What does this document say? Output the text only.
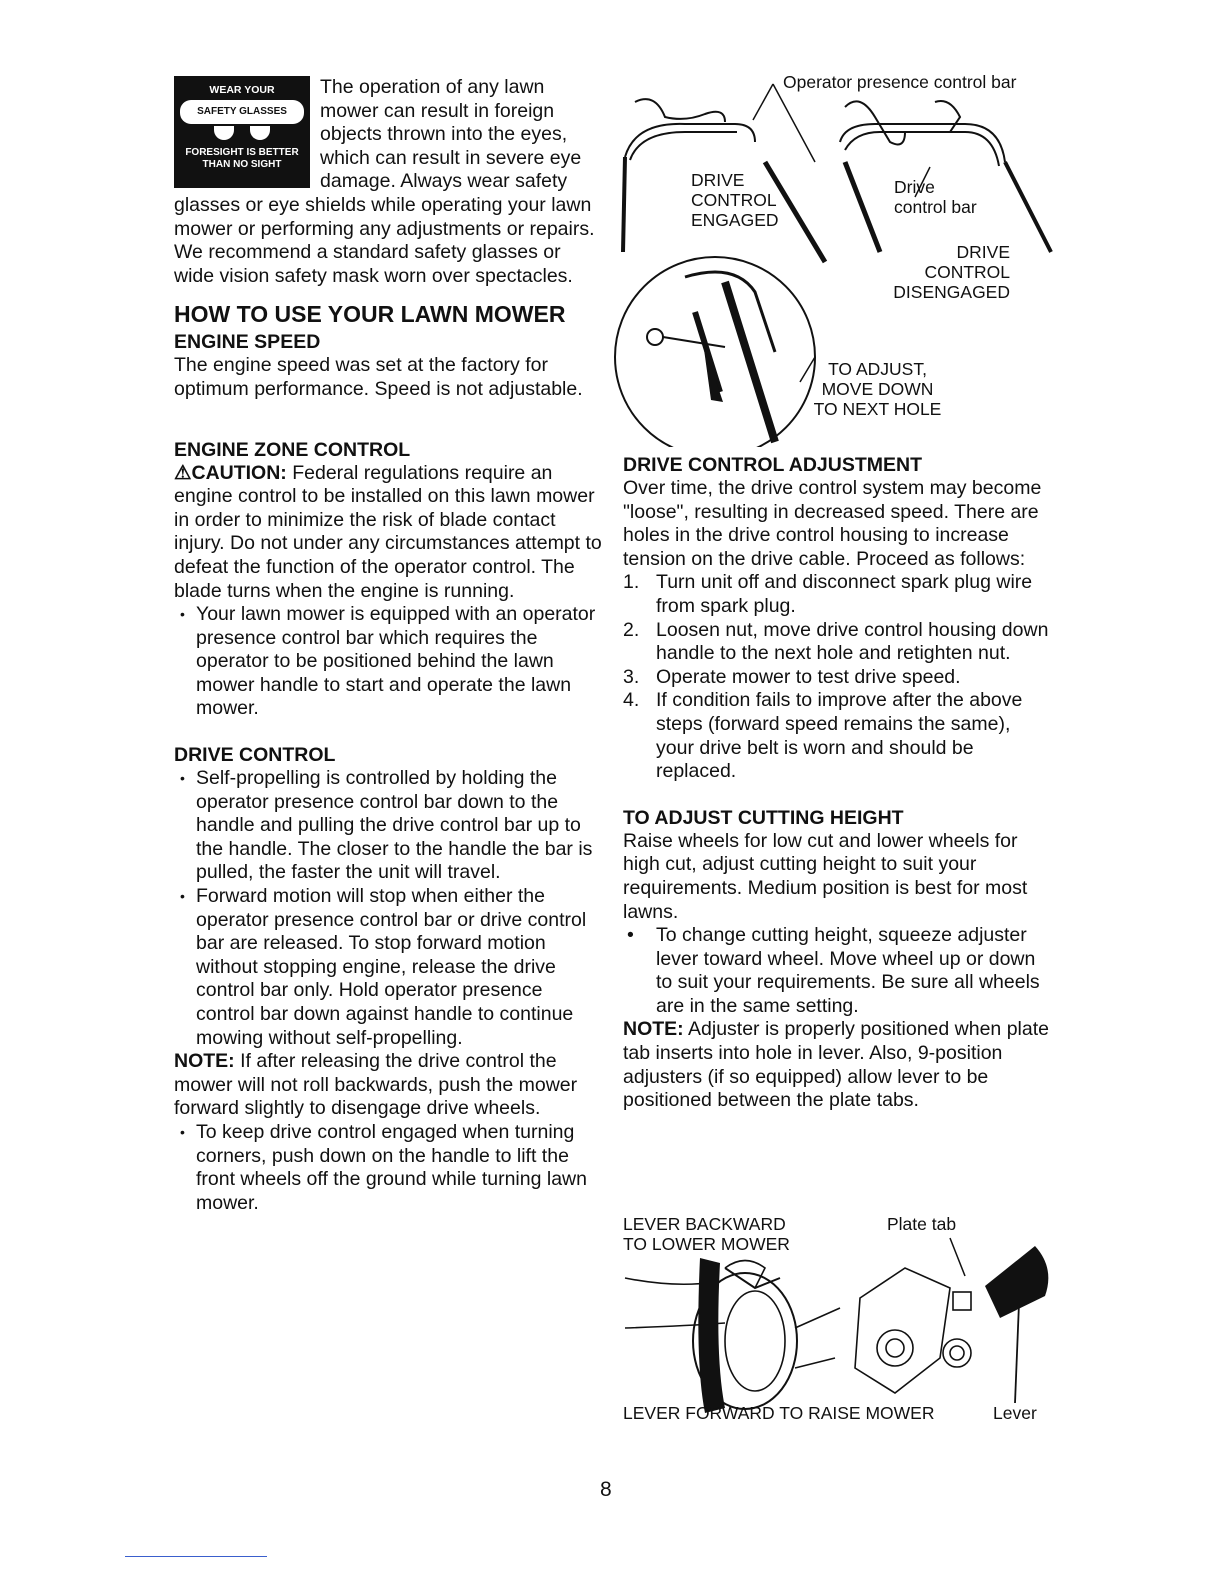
WEAR YOUR
SAFETY GLASSES
FORESIGHT IS BETTER
THAN NO SIGHT

The operation of any lawn mower can result in foreign objects thrown into the eyes, which can result in severe eye damage. Always wear safety glasses or eye shields while operating your lawn mower or performing any adjustments or repairs. We recommend a standard safety glasses or wide vision safety mask worn over spectacles.

HOW TO USE YOUR LAWN MOWER
ENGINE SPEED

The engine speed was set at the factory for optimum performance. Speed is not adjustable.

ENGINE ZONE CONTROL

⚠CAUTION: Federal regulations require an engine control to be installed on this lawn mower in order to minimize the risk of blade contact injury. Do not under any circumstances attempt to defeat the function of the operator control. The blade turns when the engine is running.

• Your lawn mower is equipped with an operator presence control bar which requires the operator to be positioned behind the lawn mower handle to start and operate the lawn mower.
DRIVE CONTROL
• Self-propelling is controlled by holding the operator presence control bar down to the handle and pulling the drive control bar up to the handle. The closer to the handle the bar is pulled, the faster the unit will travel.
• Forward motion will stop when either the operator presence control bar or drive control bar are released. To stop forward motion without stopping engine, release the drive control bar only. Hold operator presence control bar down against handle to continue mowing without self-propelling.

NOTE: If after releasing the drive control the mower will not roll backwards, push the mower forward slightly to disengage drive wheels.

• To keep drive control engaged when turning corners, push down on the handle to lift the front wheels off the ground while turning lawn mower.
Operator presence control bar
DRIVE
CONTROL
ENGAGED
Drive
control bar
DRIVE
CONTROL
DISENGAGED
TO ADJUST,
MOVE DOWN
TO NEXT HOLE
DRIVE CONTROL ADJUSTMENT

Over time, the drive control system may become "loose", resulting in decreased speed. There are holes in the drive control housing to increase tension on the drive cable. Proceed as follows:

1. Turn unit off and disconnect spark plug wire from spark plug.
2. Loosen nut, move drive control housing down handle to the next hole and retighten nut.
3. Operate mower to test drive speed.
4. If condition fails to improve after the above steps (forward speed remains the same), your drive belt is worn and should be replaced.
TO ADJUST CUTTING HEIGHT

Raise wheels for low cut and lower wheels for high cut, adjust cutting height to suit your requirements. Medium position is best for most lawns.

• To change cutting height, squeeze adjuster lever toward wheel. Move wheel up or down to suit your requirements. Be sure all wheels are in the same setting.

NOTE: Adjuster is properly positioned when plate tab inserts into hole in lever. Also, 9-position adjusters (if so equipped) allow lever to be positioned between the plate tabs.

LEVER BACKWARD
TO LOWER MOWER
Plate tab
LEVER FORWARD TO RAISE MOWER	Lever
8
